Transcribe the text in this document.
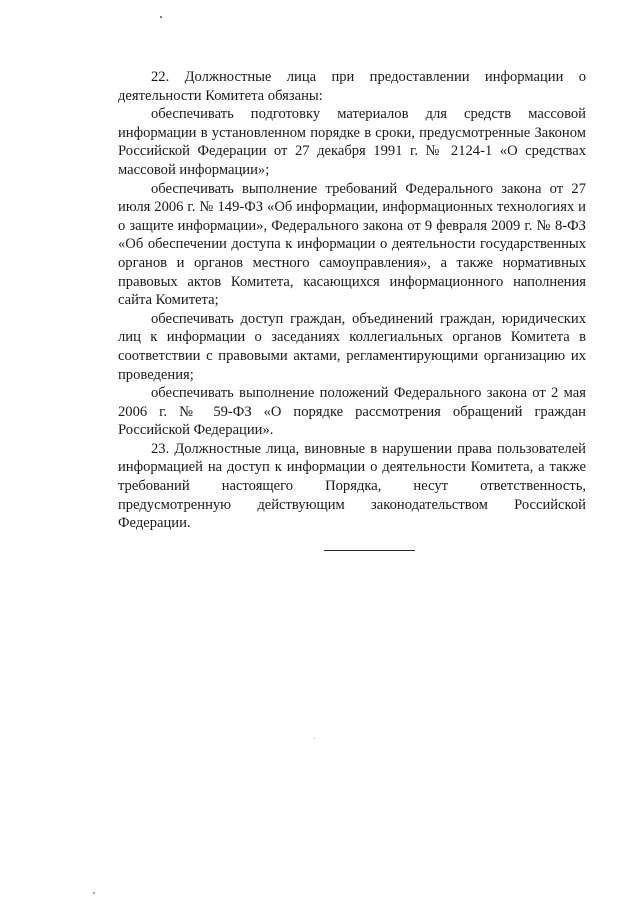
22. Должностные лица при предоставлении информации о деятельности Комитета обязаны:

обеспечивать подготовку материалов для средств массовой информации в установленном порядке в сроки, предусмотренные Законом Российской Федерации от 27 декабря 1991 г. № 2124-1 «О средствах массовой информации»;

обеспечивать выполнение требований Федерального закона от 27 июля 2006 г. № 149-ФЗ «Об информации, информационных технологиях и о защите информации», Федерального закона от 9 февраля 2009 г. № 8-ФЗ «Об обеспечении доступа к информации о деятельности государственных органов и органов местного самоуправления», а также нормативных правовых актов Комитета, касающихся информационного наполнения сайта Комитета;

обеспечивать доступ граждан, объединений граждан, юридических лиц к информации о заседаниях коллегиальных органов Комитета в соответствии с правовыми актами, регламентирующими организацию их проведения;

обеспечивать выполнение положений Федерального закона от 2 мая 2006 г. № 59-ФЗ «О порядке рассмотрения обращений граждан Российской Федерации».

23. Должностные лица, виновные в нарушении права пользователей информацией на доступ к информации о деятельности Комитета, а также требований настоящего Порядка, несут ответственность, предусмотренную действующим законодательством Российской Федерации.
